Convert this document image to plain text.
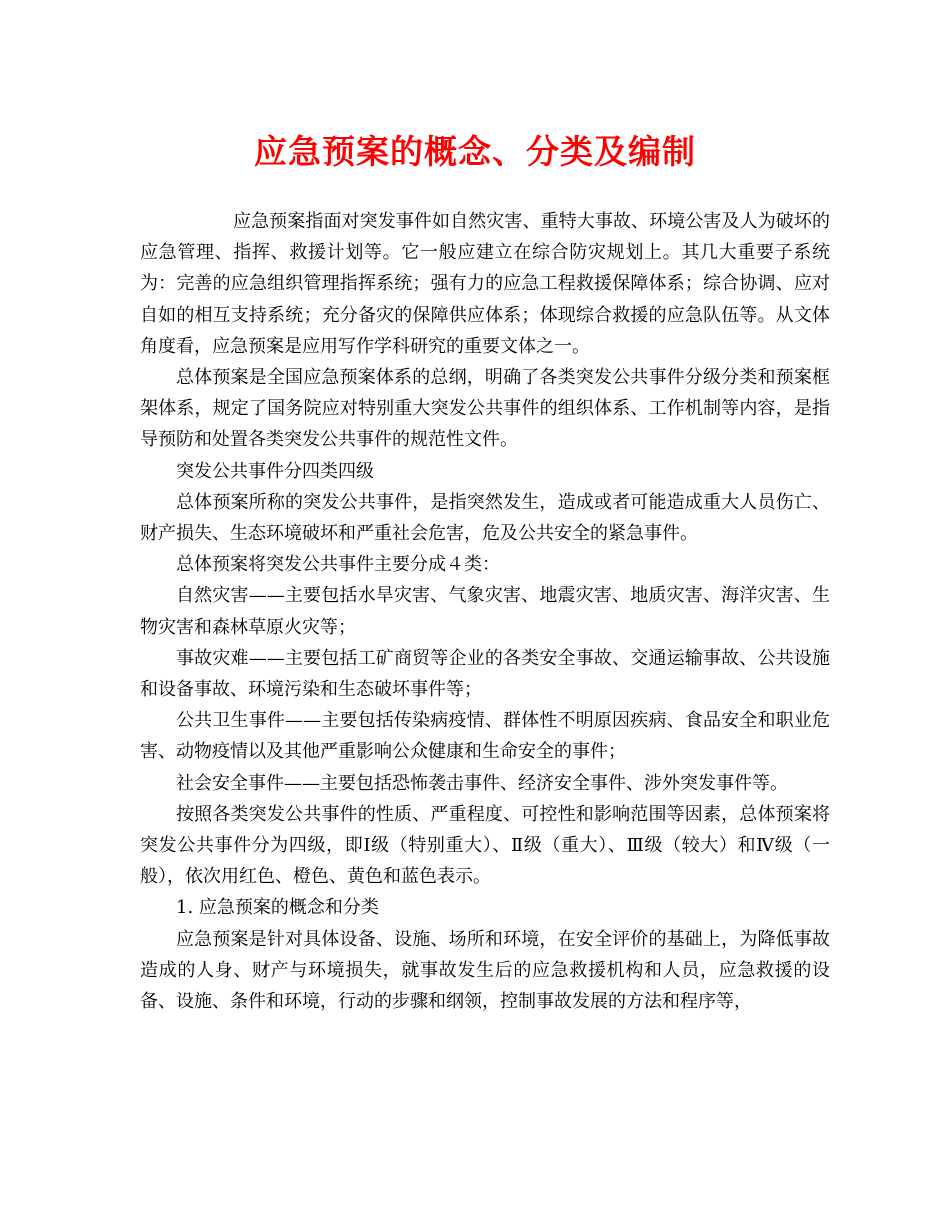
应急预案的概念、分类及编制

应急预案指面对突发事件如自然灾害、重特大事故、环境公害及人为破坏的应急管理、指挥、救援计划等。它一般应建立在综合防灾规划上。其几大重要子系统为：完善的应急组织管理指挥系统；强有力的应急工程救援保障体系；综合协调、应对自如的相互支持系统；充分备灾的保障供应体系；体现综合救援的应急队伍等。从文体角度看，应急预案是应用写作学科研究的重要文体之一。

总体预案是全国应急预案体系的总纲，明确了各类突发公共事件分级分类和预案框架体系，规定了国务院应对特别重大突发公共事件的组织体系、工作机制等内容，是指导预防和处置各类突发公共事件的规范性文件。

突发公共事件分四类四级

总体预案所称的突发公共事件，是指突然发生，造成或者可能造成重大人员伤亡、财产损失、生态环境破坏和严重社会危害，危及公共安全的紧急事件。

总体预案将突发公共事件主要分成４类：

自然灾害——主要包括水旱灾害、气象灾害、地震灾害、地质灾害、海洋灾害、生物灾害和森林草原火灾等；

事故灾难——主要包括工矿商贸等企业的各类安全事故、交通运输事故、公共设施和设备事故、环境污染和生态破坏事件等；

公共卫生事件——主要包括传染病疫情、群体性不明原因疾病、食品安全和职业危害、动物疫情以及其他严重影响公众健康和生命安全的事件；

社会安全事件——主要包括恐怖袭击事件、经济安全事件、涉外突发事件等。

按照各类突发公共事件的性质、严重程度、可控性和影响范围等因素，总体预案将突发公共事件分为四级，即Ⅰ级（特别重大）、Ⅱ级（重大）、Ⅲ级（较大）和Ⅳ级（一般），依次用红色、橙色、黄色和蓝色表示。

1. 应急预案的概念和分类

应急预案是针对具体设备、设施、场所和环境，在安全评价的基础上，为降低事故造成的人身、财产与环境损失，就事故发生后的应急救援机构和人员，应急救援的设备、设施、条件和环境，行动的步骤和纲领，控制事故发展的方法和程序等，
